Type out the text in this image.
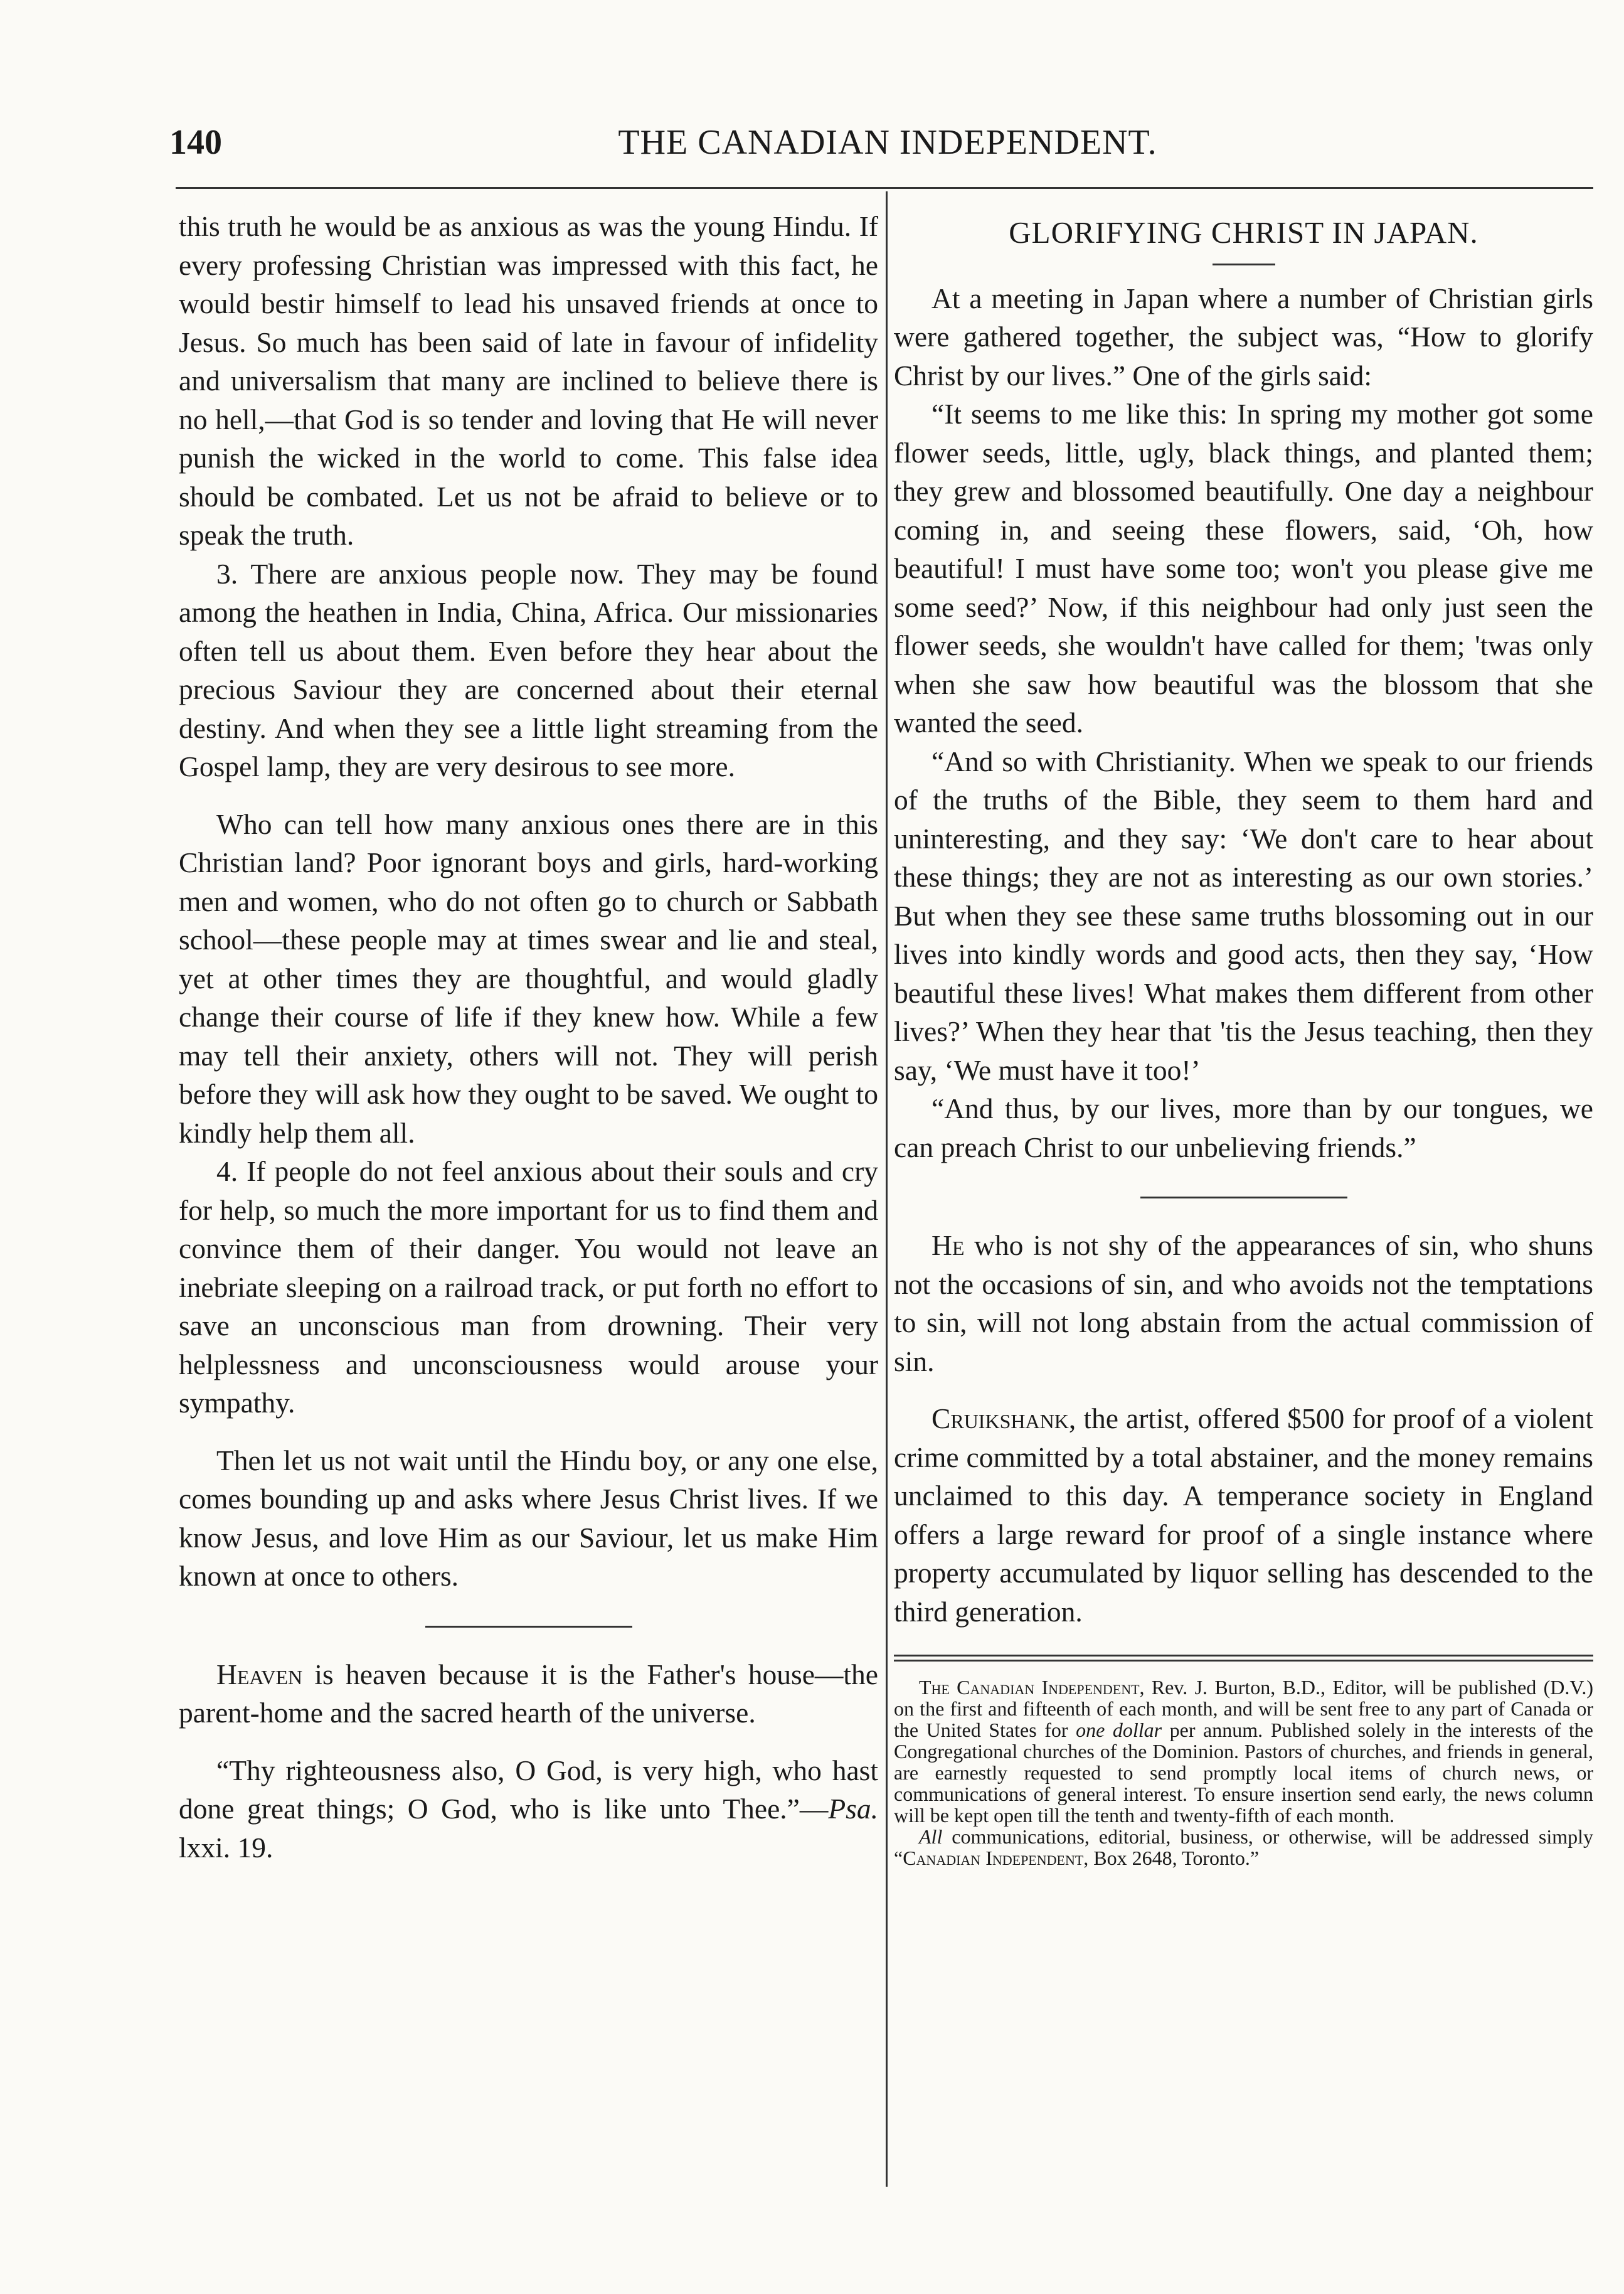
140	THE CANADIAN INDEPENDENT.

this truth he would be as anxious as was the young Hindu. If every professing Christian was impressed with this fact, he would bestir himself to lead his unsaved friends at once to Jesus. So much has been said of late in favour of infidelity and universalism that many are inclined to believe there is no hell,—that God is so tender and loving that He will never punish the wicked in the world to come. This false idea should be combated. Let us not be afraid to believe or to speak the truth.

3. There are anxious people now. They may be found among the heathen in India, China, Africa. Our missionaries often tell us about them. Even before they hear about the precious Saviour they are concerned about their eternal destiny. And when they see a little light streaming from the Gospel lamp, they are very desirous to see more.

Who can tell how many anxious ones there are in this Christian land? Poor ignorant boys and girls, hard-working men and women, who do not often go to church or Sabbath school—these people may at times swear and lie and steal, yet at other times they are thoughtful, and would gladly change their course of life if they knew how. While a few may tell their anxiety, others will not. They will perish before they will ask how they ought to be saved. We ought to kindly help them all.

4. If people do not feel anxious about their souls and cry for help, so much the more important for us to find them and convince them of their danger. You would not leave an inebriate sleeping on a railroad track, or put forth no effort to save an unconscious man from drowning. Their very helplessness and unconsciousness would arouse your sympathy.

Then let us not wait until the Hindu boy, or any one else, comes bounding up and asks where Jesus Christ lives. If we know Jesus, and love Him as our Saviour, let us make Him known at once to others.

Heaven is heaven because it is the Father's house—the parent-home and the sacred hearth of the universe.

“Thy righteousness also, O God, is very high, who hast done great things; O God, who is like unto Thee.”—Psa. lxxi. 19.

GLORIFYING CHRIST IN JAPAN.

At a meeting in Japan where a number of Christian girls were gathered together, the subject was, “How to glorify Christ by our lives.” One of the girls said:

“It seems to me like this: In spring my mother got some flower seeds, little, ugly, black things, and planted them; they grew and blossomed beautifully. One day a neighbour coming in, and seeing these flowers, said, ‘Oh, how beautiful! I must have some too; won't you please give me some seed?’ Now, if this neighbour had only just seen the flower seeds, she wouldn't have called for them; 'twas only when she saw how beautiful was the blossom that she wanted the seed.

“And so with Christianity. When we speak to our friends of the truths of the Bible, they seem to them hard and uninteresting, and they say: ‘We don't care to hear about these things; they are not as interesting as our own stories.’ But when they see these same truths blossoming out in our lives into kindly words and good acts, then they say, ‘How beautiful these lives! What makes them different from other lives?’ When they hear that 'tis the Jesus teaching, then they say, ‘We must have it too!’

“And thus, by our lives, more than by our tongues, we can preach Christ to our unbelieving friends.”

He who is not shy of the appearances of sin, who shuns not the occasions of sin, and who avoids not the temptations to sin, will not long abstain from the actual commission of sin.

Cruikshank, the artist, offered $500 for proof of a violent crime committed by a total abstainer, and the money remains unclaimed to this day. A temperance society in England offers a large reward for proof of a single instance where property accumulated by liquor selling has descended to the third generation.

The Canadian Independent, Rev. J. Burton, B.D., Editor, will be published (D.V.) on the first and fifteenth of each month, and will be sent free to any part of Canada or the United States for one dollar per annum. Published solely in the interests of the Congregational churches of the Dominion. Pastors of churches, and friends in general, are earnestly requested to send promptly local items of church news, or communications of general interest. To ensure insertion send early, the news column will be kept open till the tenth and twenty-fifth of each month.

All communications, editorial, business, or otherwise, will be addressed simply “Canadian Independent, Box 2648, Toronto.”
